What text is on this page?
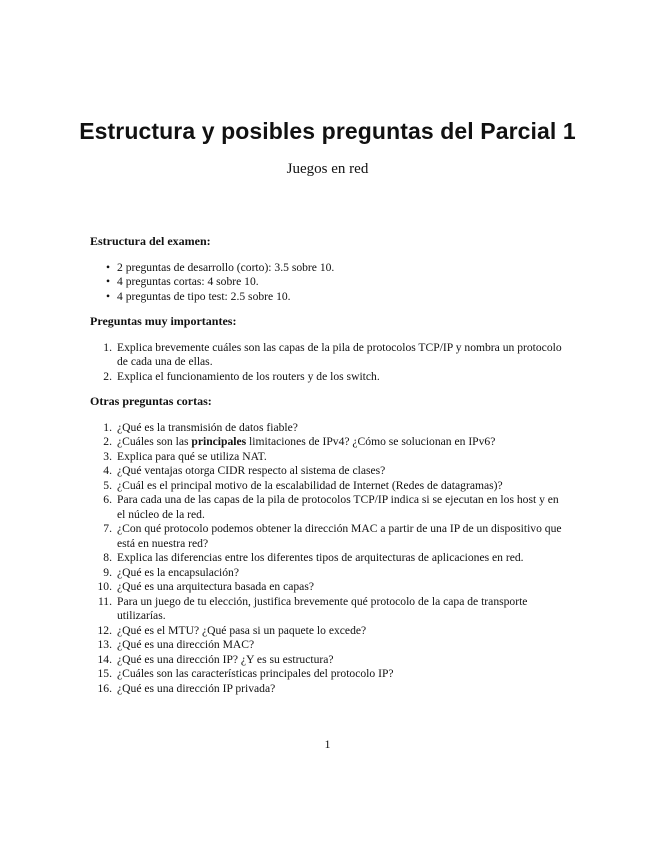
Estructura y posibles preguntas del Parcial 1

Juegos en red

Estructura del examen:

• 2 preguntas de desarrollo (corto): 3.5 sobre 10.
• 4 preguntas cortas: 4 sobre 10.
• 4 preguntas de tipo test: 2.5 sobre 10.

Preguntas muy importantes:

1. Explica brevemente cuáles son las capas de la pila de protocolos TCP/IP y nombra un protocolo de cada una de ellas.
2. Explica el funcionamiento de los routers y de los switch.

Otras preguntas cortas:

1. ¿Qué es la transmisión de datos fiable?
2. ¿Cuáles son las principales limitaciones de IPv4? ¿Cómo se solucionan en IPv6?
3. Explica para qué se utiliza NAT.
4. ¿Qué ventajas otorga CIDR respecto al sistema de clases?
5. ¿Cuál es el principal motivo de la escalabilidad de Internet (Redes de datagramas)?
6. Para cada una de las capas de la pila de protocolos TCP/IP indica si se ejecutan en los host y en el núcleo de la red.
7. ¿Con qué protocolo podemos obtener la dirección MAC a partir de una IP de un dispositivo que está en nuestra red?
8. Explica las diferencias entre los diferentes tipos de arquitecturas de aplicaciones en red.
9. ¿Qué es la encapsulación?
10. ¿Qué es una arquitectura basada en capas?
11. Para un juego de tu elección, justifica brevemente qué protocolo de la capa de transporte utilizarías.
12. ¿Qué es el MTU? ¿Qué pasa si un paquete lo excede?
13. ¿Qué es una dirección MAC?
14. ¿Qué es una dirección IP? ¿Y es su estructura?
15. ¿Cuáles son las características principales del protocolo IP?
16. ¿Qué es una dirección IP privada?
1
